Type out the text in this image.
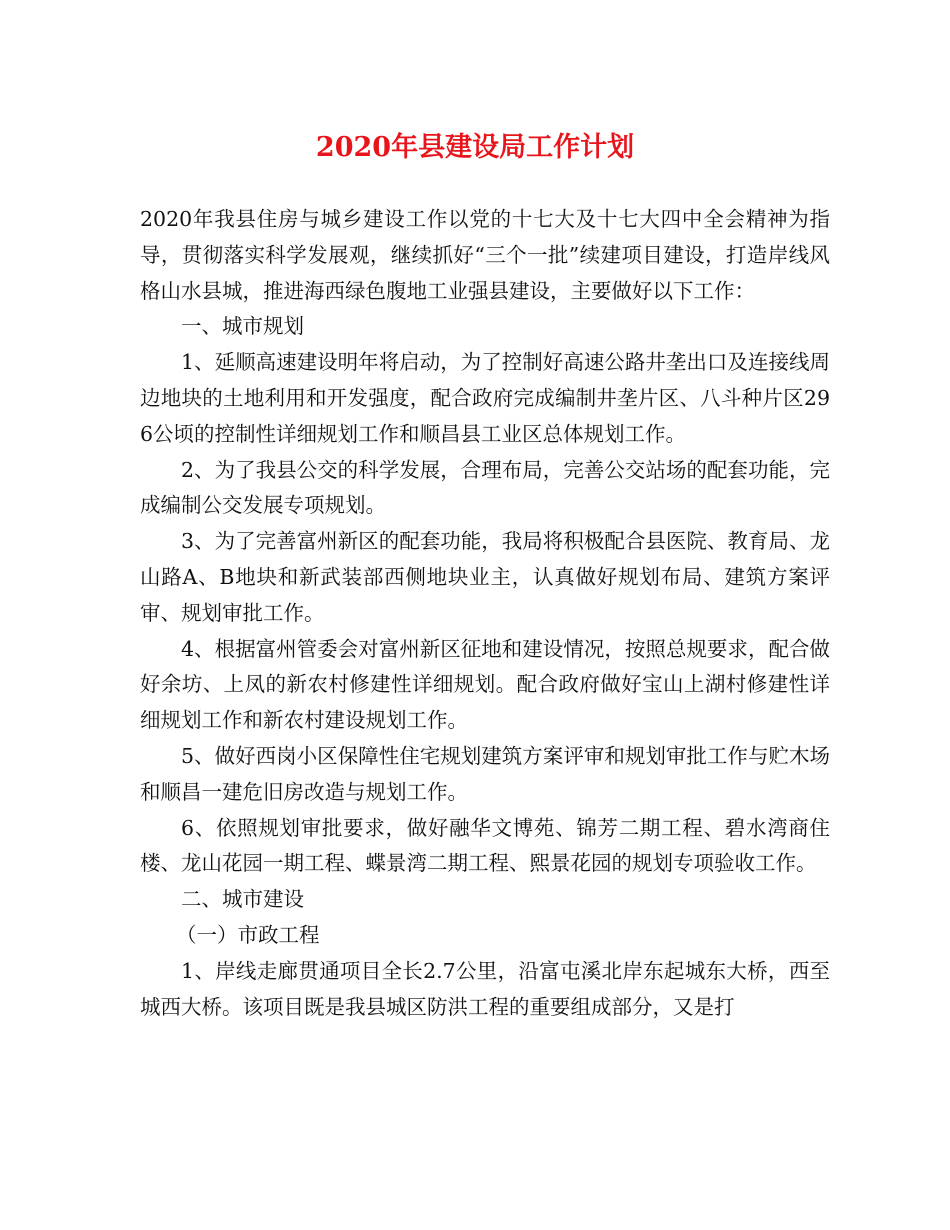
2020年县建设局工作计划

2020年我县住房与城乡建设工作以党的十七大及十七大四中全会精神为指导，贯彻落实科学发展观，继续抓好“三个一批”续建项目建设，打造岸线风格山水县城，推进海西绿色腹地工业强县建设，主要做好以下工作：

一、城市规划

1、延顺高速建设明年将启动，为了控制好高速公路井垄出口及连接线周边地块的土地利用和开发强度，配合政府完成编制井垄片区、八斗种片区296公顷的控制性详细规划工作和顺昌县工业区总体规划工作。

2、为了我县公交的科学发展，合理布局，完善公交站场的配套功能，完成编制公交发展专项规划。

3、为了完善富州新区的配套功能，我局将积极配合县医院、教育局、龙山路A、B地块和新武装部西侧地块业主，认真做好规划布局、建筑方案评审、规划审批工作。

4、根据富州管委会对富州新区征地和建设情况，按照总规要求，配合做好余坊、上凤的新农村修建性详细规划。配合政府做好宝山上湖村修建性详细规划工作和新农村建设规划工作。

5、做好西岗小区保障性住宅规划建筑方案评审和规划审批工作与贮木场和顺昌一建危旧房改造与规划工作。

6、依照规划审批要求，做好融华文博苑、锦芳二期工程、碧水湾商住楼、龙山花园一期工程、蝶景湾二期工程、熙景花园的规划专项验收工作。

二、城市建设

（一）市政工程

1、岸线走廊贯通项目全长2.7公里，沿富屯溪北岸东起城东大桥，西至城西大桥。该项目既是我县城区防洪工程的重要组成部分，又是打
